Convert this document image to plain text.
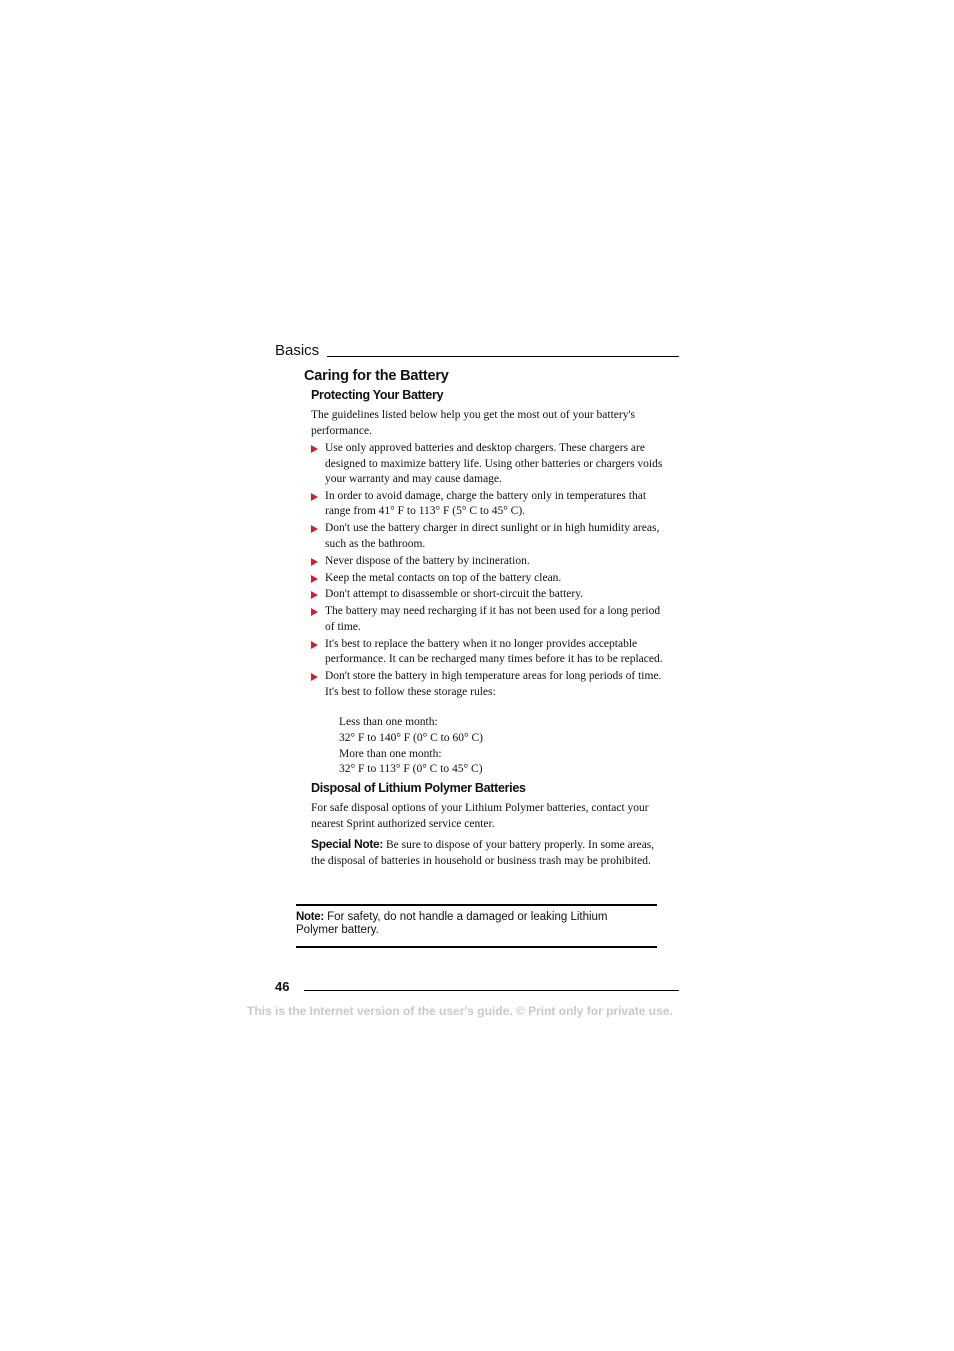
Basics
Caring for the Battery
Protecting Your Battery
The guidelines listed below help you get the most out of your battery's performance.
Use only approved batteries and desktop chargers. These chargers are designed to maximize battery life. Using other batteries or chargers voids your warranty and may cause damage.
In order to avoid damage, charge the battery only in temperatures that range from 41° F to 113° F (5° C to 45° C).
Don't use the battery charger in direct sunlight or in high humidity areas, such as the bathroom.
Never dispose of the battery by incineration.
Keep the metal contacts on top of the battery clean.
Don't attempt to disassemble or short-circuit the battery.
The battery may need recharging if it has not been used for a long period of time.
It's best to replace the battery when it no longer provides acceptable performance. It can be recharged many times before it has to be replaced.
Don't store the battery in high temperature areas for long periods of time. It's best to follow these storage rules:
Less than one month:
32° F to 140° F (0° C to 60° C)
More than one month:
32° F to 113° F (0° C to 45° C)
Disposal of Lithium Polymer Batteries
For safe disposal options of your Lithium Polymer batteries, contact your nearest Sprint authorized service center.
Special Note: Be sure to dispose of your battery properly. In some areas, the disposal of batteries in household or business trash may be prohibited.
Note: For safety, do not handle a damaged or leaking Lithium Polymer battery.
46
This is the Internet version of the user's guide. © Print only for private use.
